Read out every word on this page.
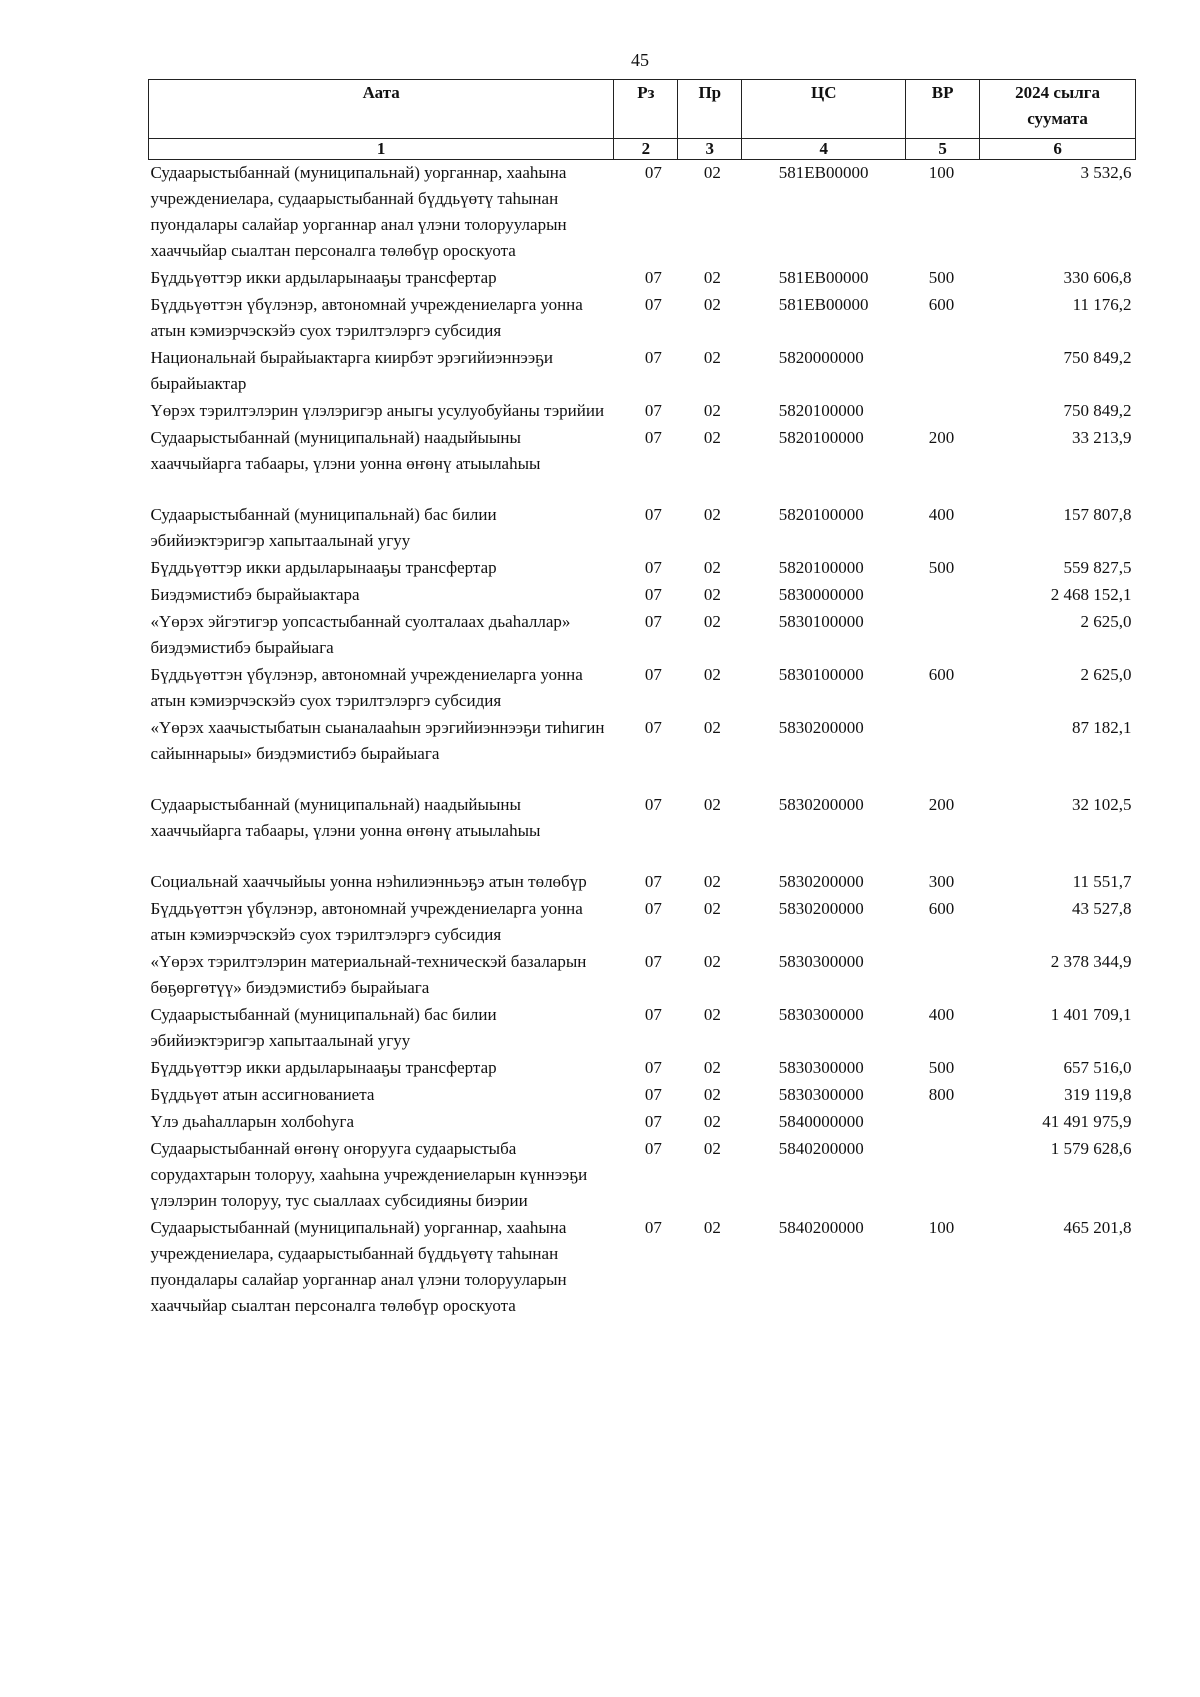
45
Аата	Рз	Пр	ЦС	ВР	2024 сылга суумата
1	2	3	4	5	6
Судаарыстыбаннай (муниципальнай) уорганнар, хааһына учреждениелара, судаарыстыбаннай бүддьүөтү таһынан пуондалары салайар уорганнар анал үлэни толорууларын хааччыйар сыалтан персоналга төлөбүр ороскуота	07	02	581EB00000	100	3 532,6
Бүддьүөттэр икки ардыларынааҕы трансфертар	07	02	581EB00000	500	330 606,8
Бүддьүөттэн үбүлэнэр, автономнай учреждениеларга уонна атын кэмиэрчэскэйэ суох тэрилтэлэргэ субсидия	07	02	581EB00000	600	11 176,2
Национальнай бырайыактарга киирбэт эрэгийиэннээҕи бырайыактар	07	02	5820000000		750 849,2
Үөрэх тэрилтэлэрин үлэлэригэр аныгы усулуобуйаны тэрийии	07	02	5820100000		750 849,2
Судаарыстыбаннай (муниципальнай) наадыйыыны хааччыйарга табаары, үлэни уонна өҥөнү атыылаһыы	07	02	5820100000	200	33 213,9
Судаарыстыбаннай (муниципальнай) бас билии эбийиэктэригэр хапытаалынай угуу	07	02	5820100000	400	157 807,8
Бүддьүөттэр икки ардыларынааҕы трансфертар	07	02	5820100000	500	559 827,5
Биэдэмистибэ бырайыактара	07	02	5830000000		2 468 152,1
«Үөрэх эйгэтигэр уопсастыбаннай суолталаах дьаһаллар» биэдэмистибэ бырайыага	07	02	5830100000		2 625,0
Бүддьүөттэн үбүлэнэр, автономнай учреждениеларга уонна атын кэмиэрчэскэйэ суох тэрилтэлэргэ субсидия	07	02	5830100000	600	2 625,0
«Үөрэх хаачыстыбатын сыаналааһын эрэгийиэннээҕи тиһигин сайыннарыы» биэдэмистибэ бырайыага	07	02	5830200000		87 182,1
Судаарыстыбаннай (муниципальнай) наадыйыыны хааччыйарга табаары, үлэни уонна өҥөнү атыылаһыы	07	02	5830200000	200	32 102,5
Социальнай хааччыйыы уонна нэһилиэнньэҕэ атын төлөбүр	07	02	5830200000	300	11 551,7
Бүддьүөттэн үбүлэнэр, автономнай учреждениеларга уонна атын кэмиэрчэскэйэ суох тэрилтэлэргэ субсидия	07	02	5830200000	600	43 527,8
«Үөрэх тэрилтэлэрин материальнай-техническэй базаларын бөҕөргөтүү» биэдэмистибэ бырайыага	07	02	5830300000		2 378 344,9
Судаарыстыбаннай (муниципальнай) бас билии эбийиэктэригэр хапытаалынай угуу	07	02	5830300000	400	1 401 709,1
Бүддьүөттэр икки ардыларынааҕы трансфертар	07	02	5830300000	500	657 516,0
Бүддьүөт атын ассигнованиета	07	02	5830300000	800	319 119,8
Үлэ дьаһалларын холбоһуга	07	02	5840000000		41 491 975,9
Судаарыстыбаннай өҥөнү оҥорууга судаарыстыба сорудахтарын толоруу, хааһына учреждениеларын күннээҕи үлэлэрин толоруу, тус сыаллаах субсидияны биэрии	07	02	5840200000		1 579 628,6
Судаарыстыбаннай (муниципальнай) уорганнар, хааһына учреждениелара, судаарыстыбаннай бүддьүөтү таһынан пуондалары салайар уорганнар анал үлэни толорууларын хааччыйар сыалтан персоналга төлөбүр ороскуота	07	02	5840200000	100	465 201,8
